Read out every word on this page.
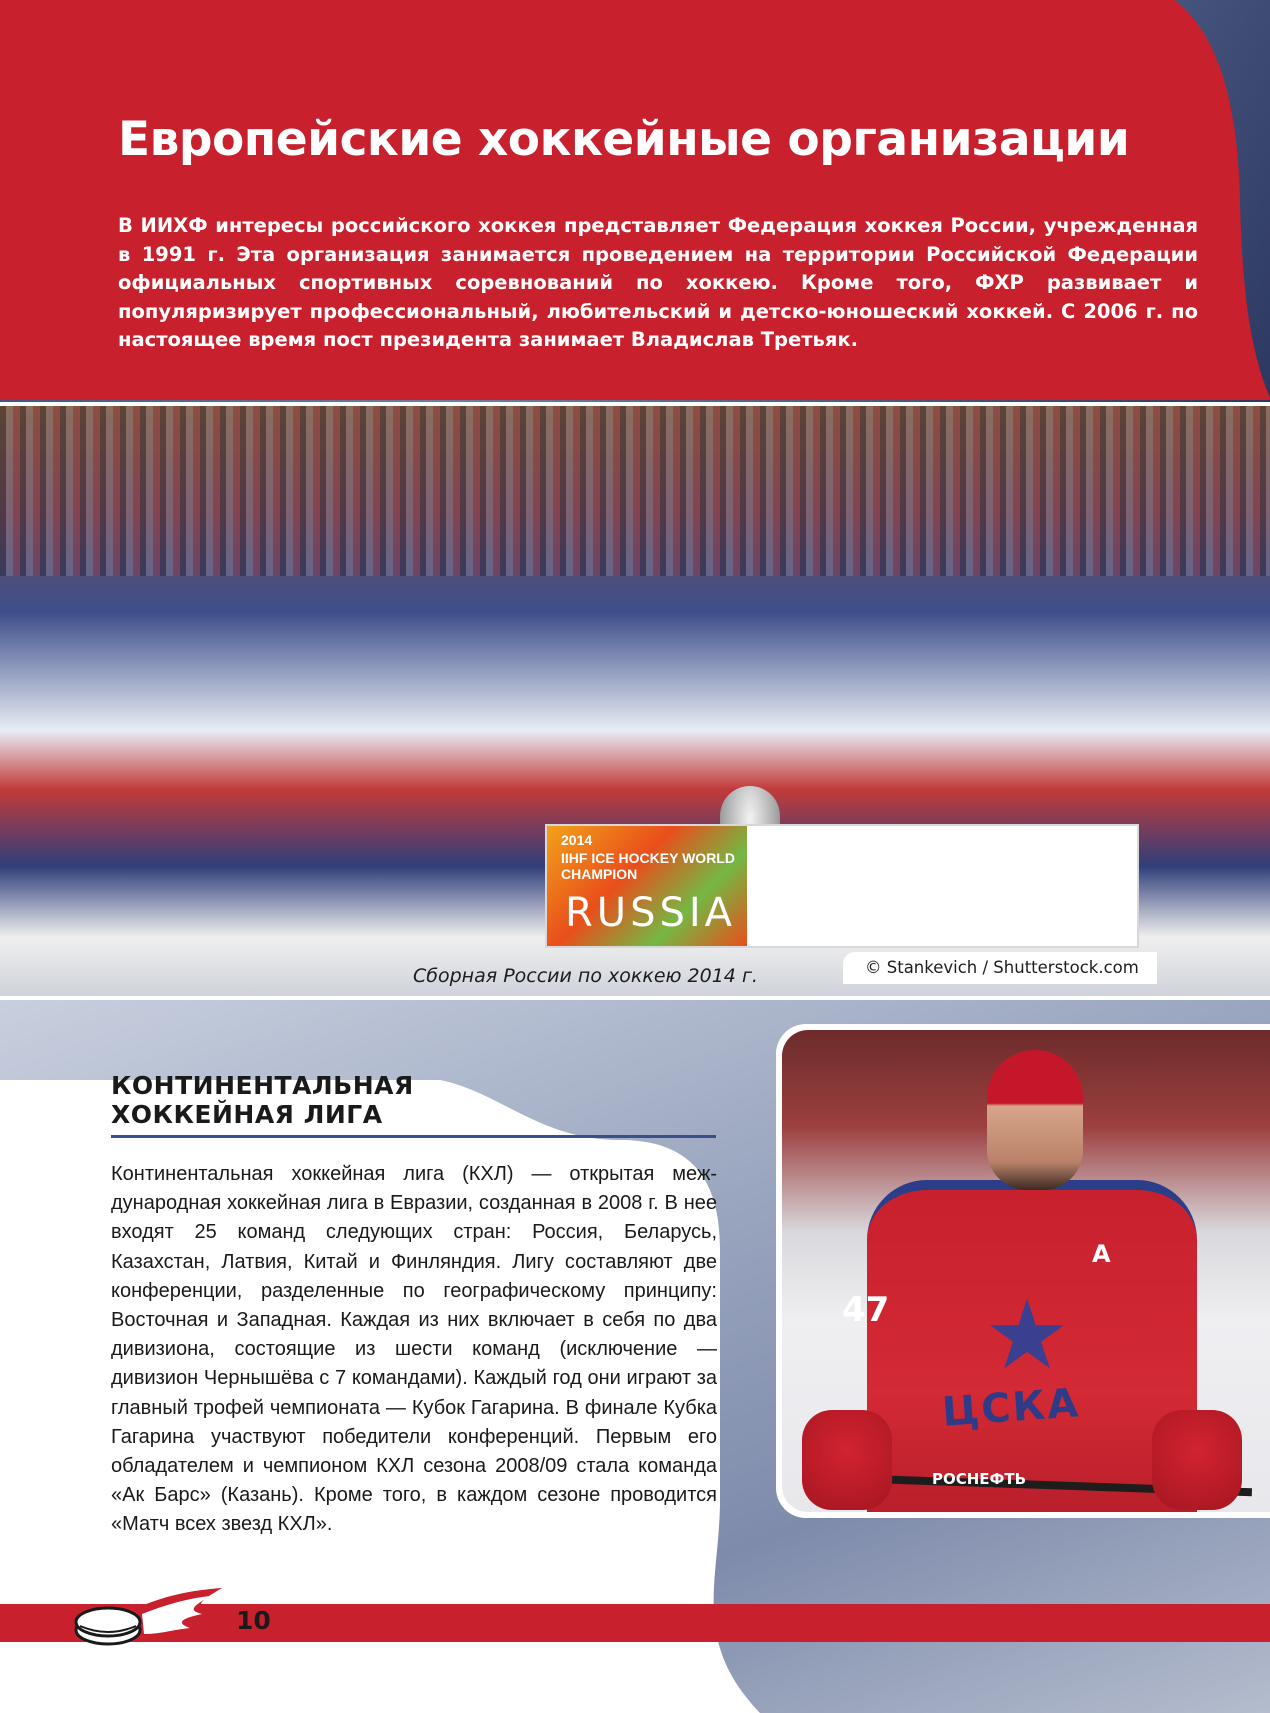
Европейские хоккейные организации

В ИИХФ интересы российского хоккея представляет Федерация хоккея России, учрежденная в 1991 г. Эта организация занимается проведением на территории Российской Федерации официальных спортивных соревнований по хоккею. Кроме того, ФХР развивает и популяризирует профессиональный, любительский и детско-юношеский хоккей. С 2006 г. по настоящее время пост президента занимает Владислав Третьяк.

2014

IIHF ICE HOCKEY WORLD CHAMPION

RUSSIA

Сборная России по хоккею 2014 г.	© Stankevich / Shutterstock.com

КОНТИНЕНТАЛЬНАЯ ХОККЕЙНАЯ ЛИГА

Континентальная хоккейная лига (КХЛ) — открытая международная хоккейная лига в Евразии, созданная в 2008 г. В нее входят 25 команд следующих стран: Россия, Беларусь, Казахстан, Латвия, Китай и Финляндия. Лигу составляют две конференции, разделенные по географическому принципу: Восточная и Западная. Каждая из них включает в себя по два дивизиона, состоящие из шести команд (исключение — дивизион Чернышёва с 7 командами). Каждый год они играют за главный трофей чемпионата — Кубок Гагарина. В финале Кубка Гагарина участвуют победители конференций. Первым его обладателем и чемпионом КХЛ сезона 2008/09 стала команда «Ак Барс» (Казань). Кроме того, в каждом сезоне проводится «Матч всех звезд КХЛ».

★

ЦСКА

47

A

РОСНЕФТЬ

10
